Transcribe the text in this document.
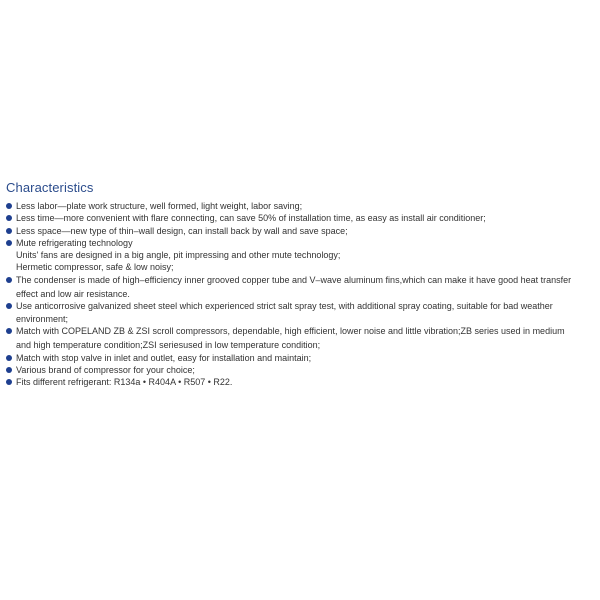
Characteristics
Less labor—plate work structure, well formed, light weight, labor saving;
Less time—more convenient with flare connecting, can save 50% of installation time, as easy as install air conditioner;
Less space—new type of thin–wall design, can install back by wall and save space;
Mute refrigerating technology
Units' fans are designed in a big angle, pit impressing and other mute technology;
Hermetic compressor, safe & low noisy;
The condenser is made of high–efficiency inner grooved copper tube and V–wave aluminum fins,which can make it have good heat transfer
effect and low air resistance.
Use anticorrosive galvanized sheet steel which experienced strict salt spray test, with additional spray coating, suitable for bad weather
environment;
Match with COPELAND ZB & ZSI scroll compressors, dependable, high efficient, lower noise and little vibration;ZB series used in medium
and high temperature condition;ZSI seriesused in low temperature condition;
Match with stop valve in inlet and outlet, easy for installation and maintain;
Various brand of compressor for your choice;
Fits different refrigerant: R134a • R404A • R507 • R22.
